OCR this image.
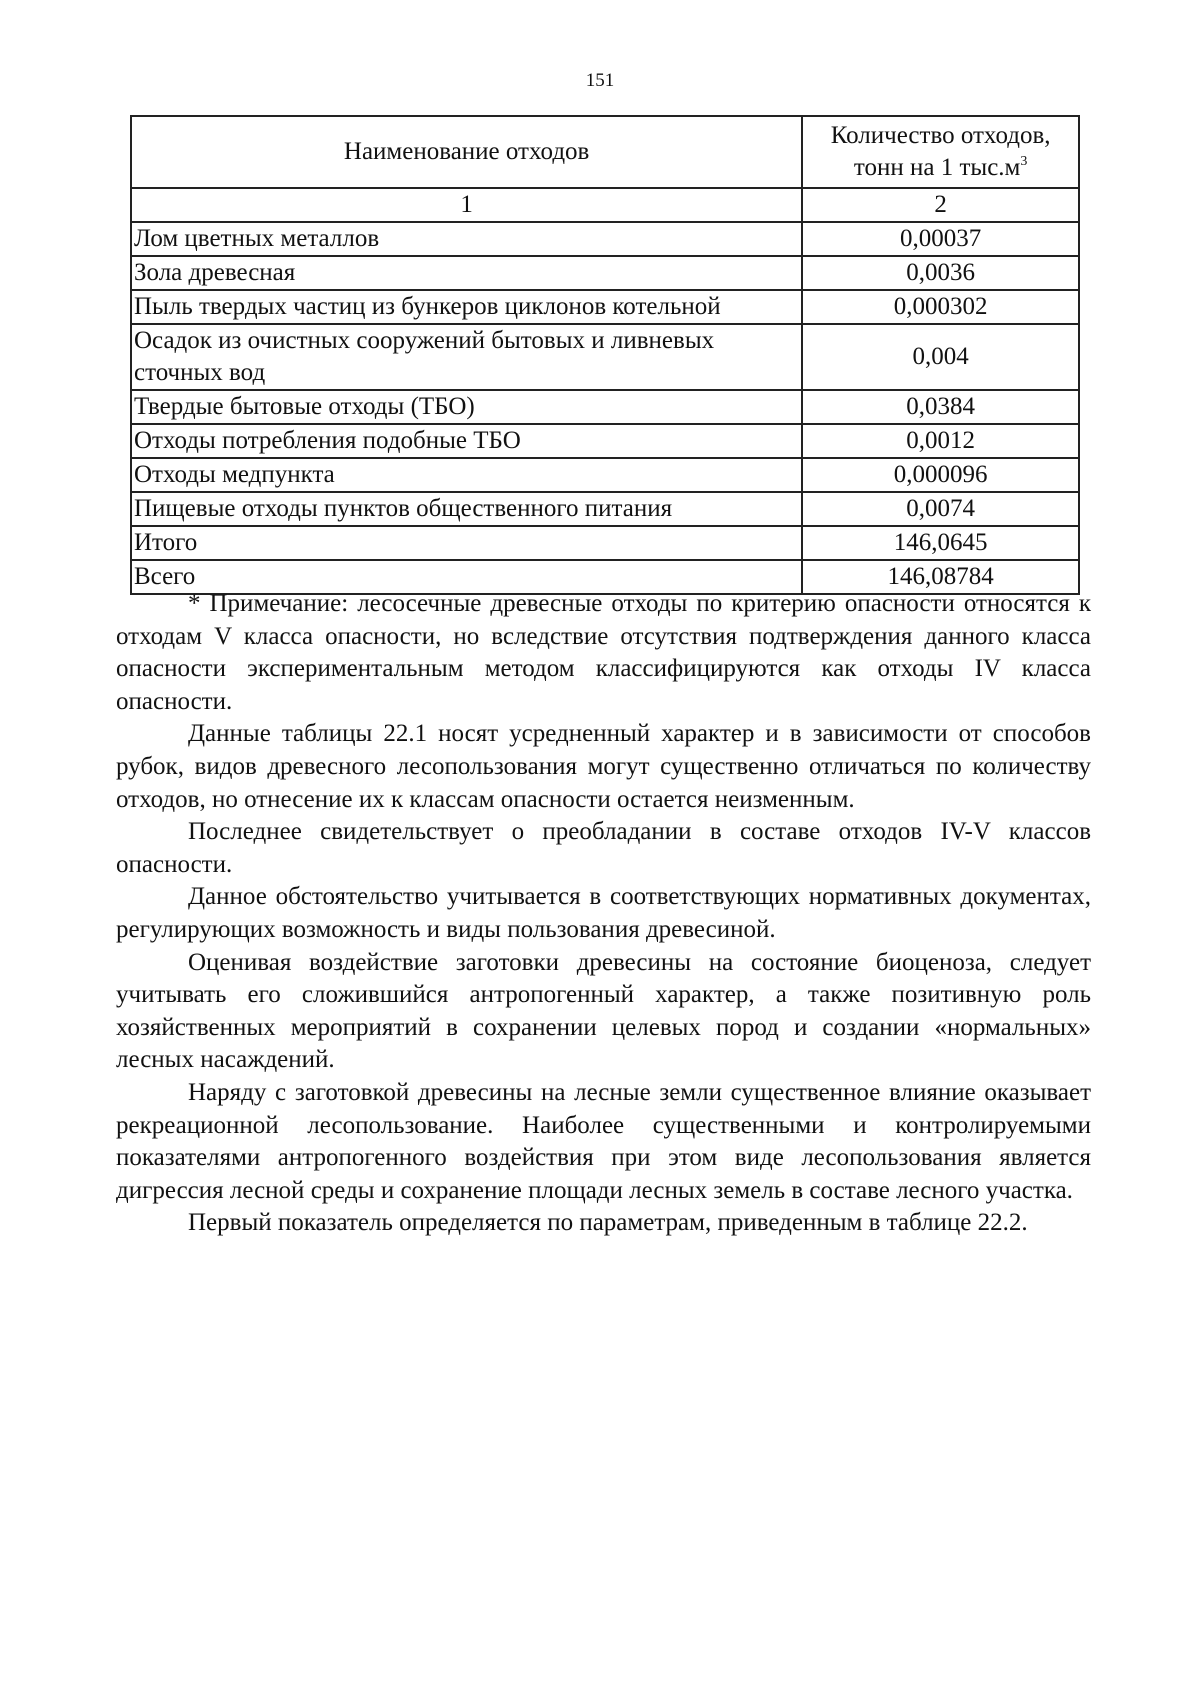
151
Наименование отходов	Количество отходов,
тонн на 1 $тыс.м^3$
1	2
Лом цветных металлов	0,00037
Зола древесная	0,0036
Пыль твердых частиц из бункеров циклонов котельной	0,000302
Осадок из очистных сооружений бытовых и ливневых сточных вод	0,004
Твердые бытовые отходы (ТБО)	0,0384
Отходы потребления подобные ТБО	0,0012
Отходы медпункта	0,000096
Пищевые отходы пунктов общественного питания	0,0074
Итого	146,0645
Всего	146,08784

* Примечание: лесосечные древесные отходы по критерию опасности относятся к отходам V класса опасности, но вследствие отсутствия подтверждения данного класса опасности экспериментальным методом классифицируются как отходы IV класса опасности.

Данные таблицы 22.1 носят усредненный характер и в зависимости от способов рубок, видов древесного лесопользования могут существенно отличаться по количеству отходов, но отнесение их к классам опасности остается неизменным.

Последнее свидетельствует о преобладании в составе отходов IV-V классов опасности.

Данное обстоятельство учитывается в соответствующих нормативных документах, регулирующих возможность и виды пользования древесиной.

Оценивая воздействие заготовки древесины на состояние биоценоза, следует учитывать его сложившийся антропогенный характер, а также позитивную роль хозяйственных мероприятий в сохранении целевых пород и создании «нормальных» лесных насаждений.

Наряду с заготовкой древесины на лесные земли существенное влияние оказывает рекреационной лесопользование. Наиболее существенными и контролируемыми показателями антропогенного воздействия при этом виде лесопользования является дигрессия лесной среды и сохранение площади лесных земель в составе лесного участка.

Первый показатель определяется по параметрам, приведенным в таблице 22.2.
